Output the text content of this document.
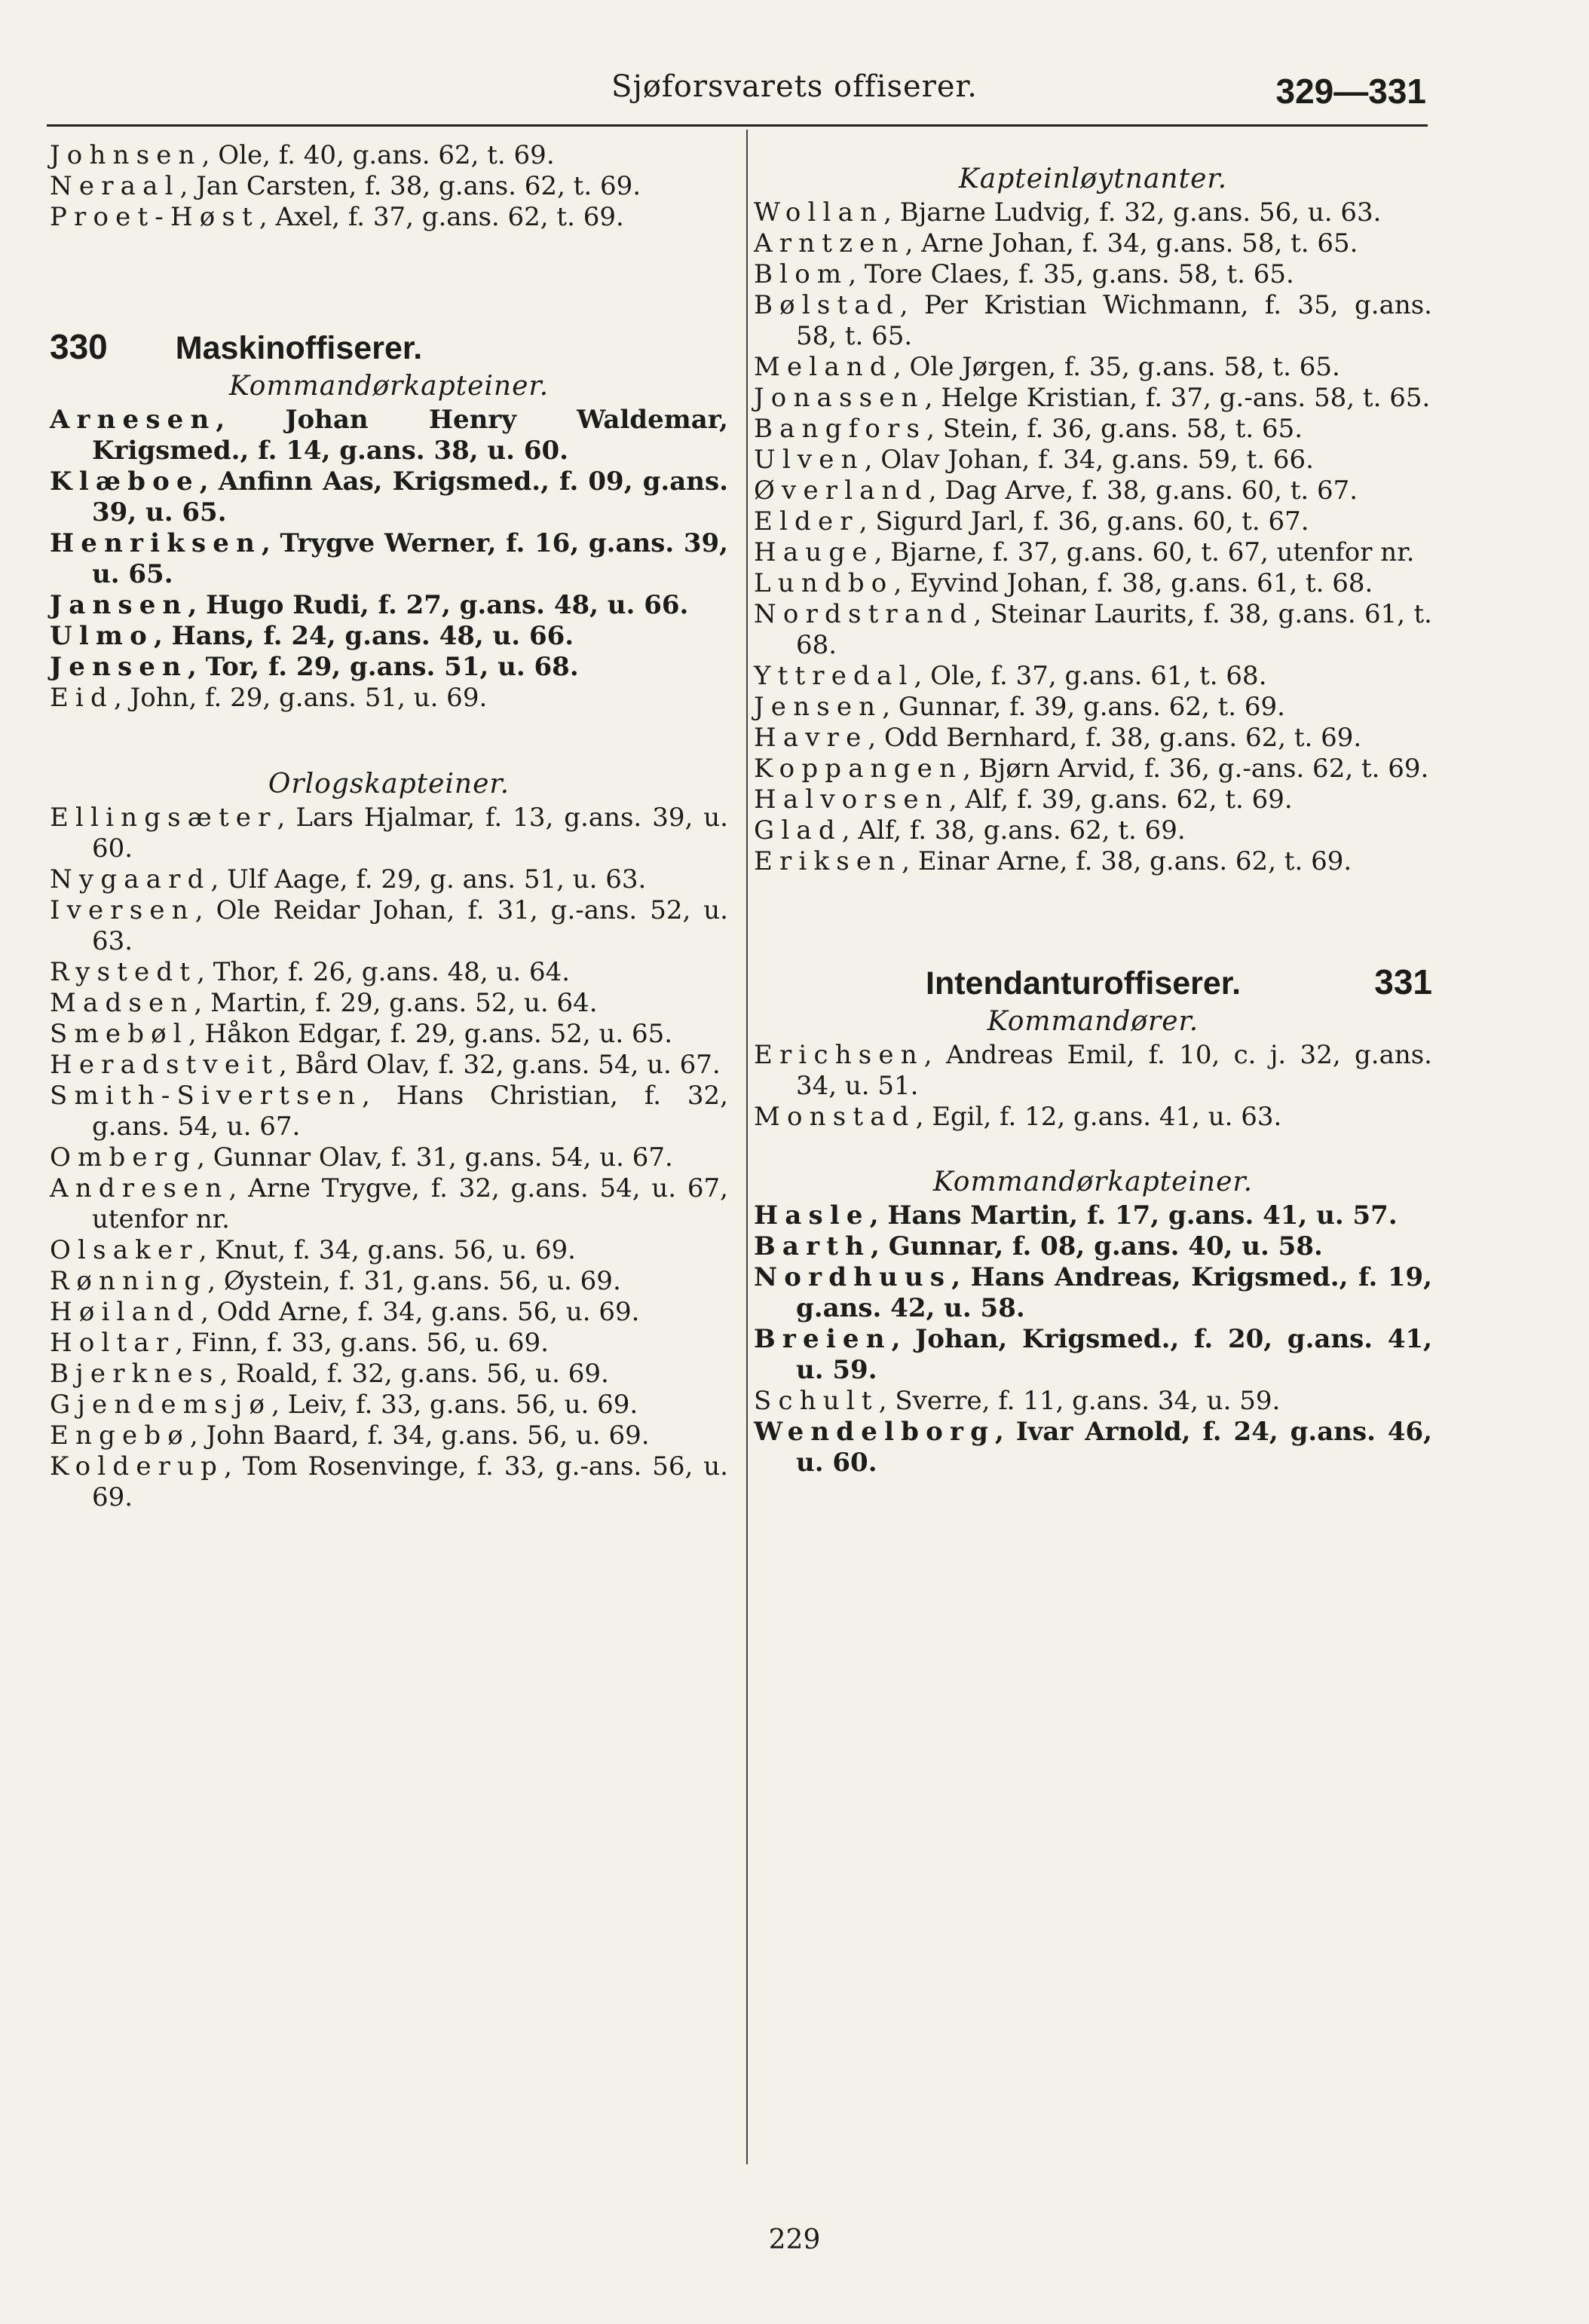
Sjøforsvarets offiserer.	329—331
Johnsen, Ole, f. 40, g.ans. 62, t. 69.
Neraal, Jan Carsten, f. 38, g.ans. 62, t. 69.
Proet-Høst, Axel, f. 37, g.ans. 62, t. 69.
330 Maskinoffiserer.
Kommandørkapteiner.
Arnesen, Johan Henry Waldemar, Krigsmed., f. 14, g.ans. 38, u. 60.
Klæboe, Anfinn Aas, Krigsmed., f. 09, g.ans. 39, u. 65.
Henriksen, Trygve Werner, f. 16, g.ans. 39, u. 65.
Jansen, Hugo Rudi, f. 27, g.ans. 48, u. 66.
Ulmo, Hans, f. 24, g.ans. 48, u. 66.
Jensen, Tor, f. 29, g.ans. 51, u. 68.
Eid, John, f. 29, g.ans. 51, u. 69.
Orlogskapteiner.
Ellingsæter, Lars Hjalmar, f. 13, g.ans. 39, u. 60.
Nygaard, Ulf Aage, f. 29, g. ans. 51, u. 63.
Iversen, Ole Reidar Johan, f. 31, g.-ans. 52, u. 63.
Rystedt, Thor, f. 26, g.ans. 48, u. 64.
Madsen, Martin, f. 29, g.ans. 52, u. 64.
Smebøl, Håkon Edgar, f. 29, g.ans. 52, u. 65.
Heradstveit, Bård Olav, f. 32, g.ans. 54, u. 67.
Smith-Sivertsen, Hans Christian, f. 32, g.ans. 54, u. 67.
Omberg, Gunnar Olav, f. 31, g.ans. 54, u. 67.
Andresen, Arne Trygve, f. 32, g.ans. 54, u. 67, utenfor nr.
Olsaker, Knut, f. 34, g.ans. 56, u. 69.
Rønning, Øystein, f. 31, g.ans. 56, u. 69.
Høiland, Odd Arne, f. 34, g.ans. 56, u. 69.
Holtar, Finn, f. 33, g.ans. 56, u. 69.
Bjerknes, Roald, f. 32, g.ans. 56, u. 69.
Gjendemsjø, Leiv, f. 33, g.ans. 56, u. 69.
Engebø, John Baard, f. 34, g.ans. 56, u. 69.
Kolderup, Tom Rosenvinge, f. 33, g.-ans. 56, u. 69.
Kapteinløytnanter.
Wollan, Bjarne Ludvig, f. 32, g.ans. 56, u. 63.
Arntzen, Arne Johan, f. 34, g.ans. 58, t. 65.
Blom, Tore Claes, f. 35, g.ans. 58, t. 65.
Bølstad, Per Kristian Wichmann, f. 35, g.ans. 58, t. 65.
Meland, Ole Jørgen, f. 35, g.ans. 58, t. 65.
Jonassen, Helge Kristian, f. 37, g.-ans. 58, t. 65.
Bangfors, Stein, f. 36, g.ans. 58, t. 65.
Ulven, Olav Johan, f. 34, g.ans. 59, t. 66.
Øverland, Dag Arve, f. 38, g.ans. 60, t. 67.
Elder, Sigurd Jarl, f. 36, g.ans. 60, t. 67.
Hauge, Bjarne, f. 37, g.ans. 60, t. 67, utenfor nr.
Lundbo, Eyvind Johan, f. 38, g.ans. 61, t. 68.
Nordstrand, Steinar Laurits, f. 38, g.ans. 61, t. 68.
Yttredal, Ole, f. 37, g.ans. 61, t. 68.
Jensen, Gunnar, f. 39, g.ans. 62, t. 69.
Havre, Odd Bernhard, f. 38, g.ans. 62, t. 69.
Koppangen, Bjørn Arvid, f. 36, g.-ans. 62, t. 69.
Halvorsen, Alf, f. 39, g.ans. 62, t. 69.
Glad, Alf, f. 38, g.ans. 62, t. 69.
Eriksen, Einar Arne, f. 38, g.ans. 62, t. 69.
Intendanturoffiserer.	331
Kommandører.
Erichsen, Andreas Emil, f. 10, c. j. 32, g.ans. 34, u. 51.
Monstad, Egil, f. 12, g.ans. 41, u. 63.
Kommandørkapteiner.
Hasle, Hans Martin, f. 17, g.ans. 41, u. 57.
Barth, Gunnar, f. 08, g.ans. 40, u. 58.
Nordhuus, Hans Andreas, Krigsmed., f. 19, g.ans. 42, u. 58.
Breien, Johan, Krigsmed., f. 20, g.ans. 41, u. 59.
Schult, Sverre, f. 11, g.ans. 34, u. 59.
Wendelborg, Ivar Arnold, f. 24, g.ans. 46, u. 60.
229
